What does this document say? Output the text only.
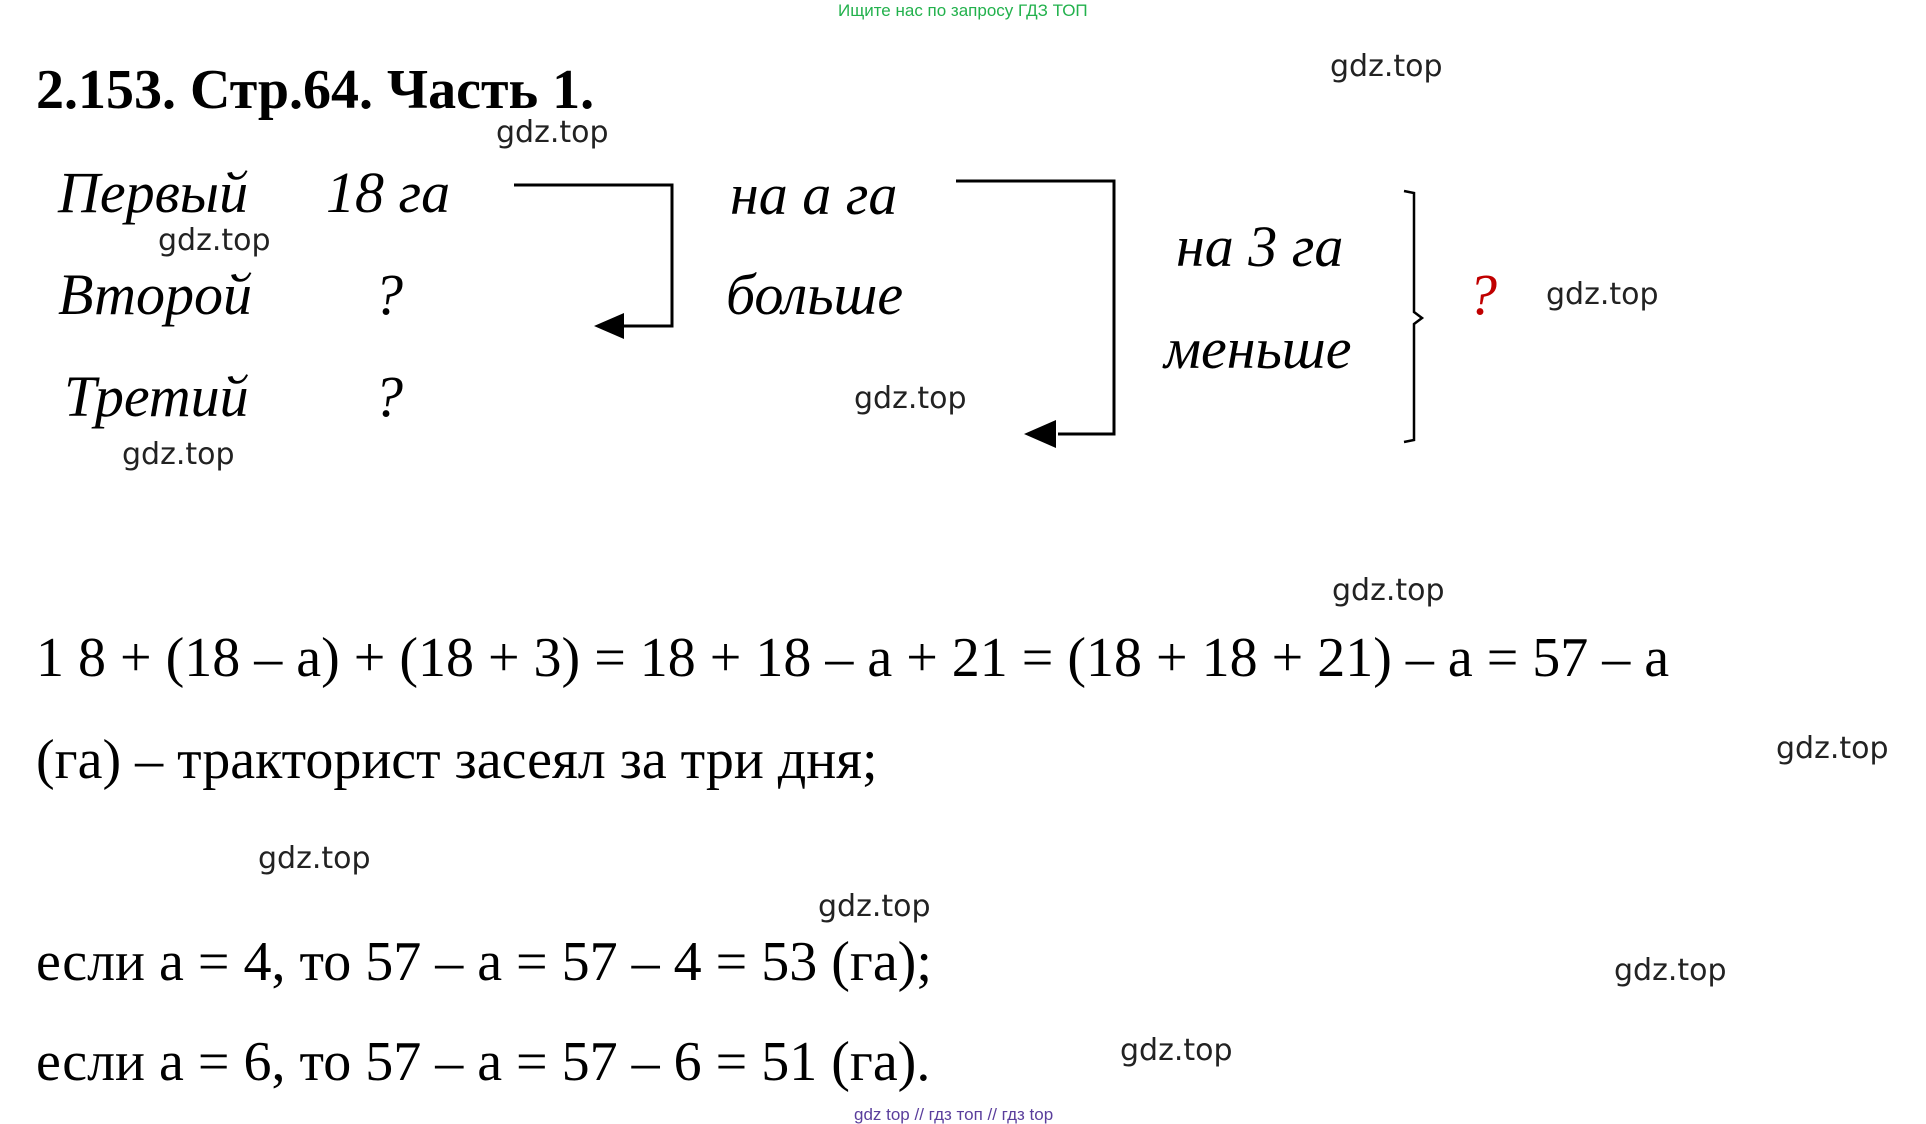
Ищите нас по запросу ГДЗ ТОП
2.153. Стр.64. Часть 1.
Первый 18 га
Второй ?
Третий ?
на а га
больше
на 3 га
меньше
?
1 8 + (18 – a) + (18 + 3) = 18 + 18 – a + 21 = (18 + 18 + 21) – a = 57 – a
(га) – тракторист засеял за три дня;
если a = 4, то 57 – a = 57 – 4 = 53 (га);
если a = 6, то 57 – a = 57 – 6 = 51 (га).
gdz.top
gdz.top
gdz.top
gdz.top
gdz.top
gdz.top
gdz.top
gdz.top
gdz.top
gdz.top
gdz.top
gdz.top
gdz top // гдз топ // гдз top
